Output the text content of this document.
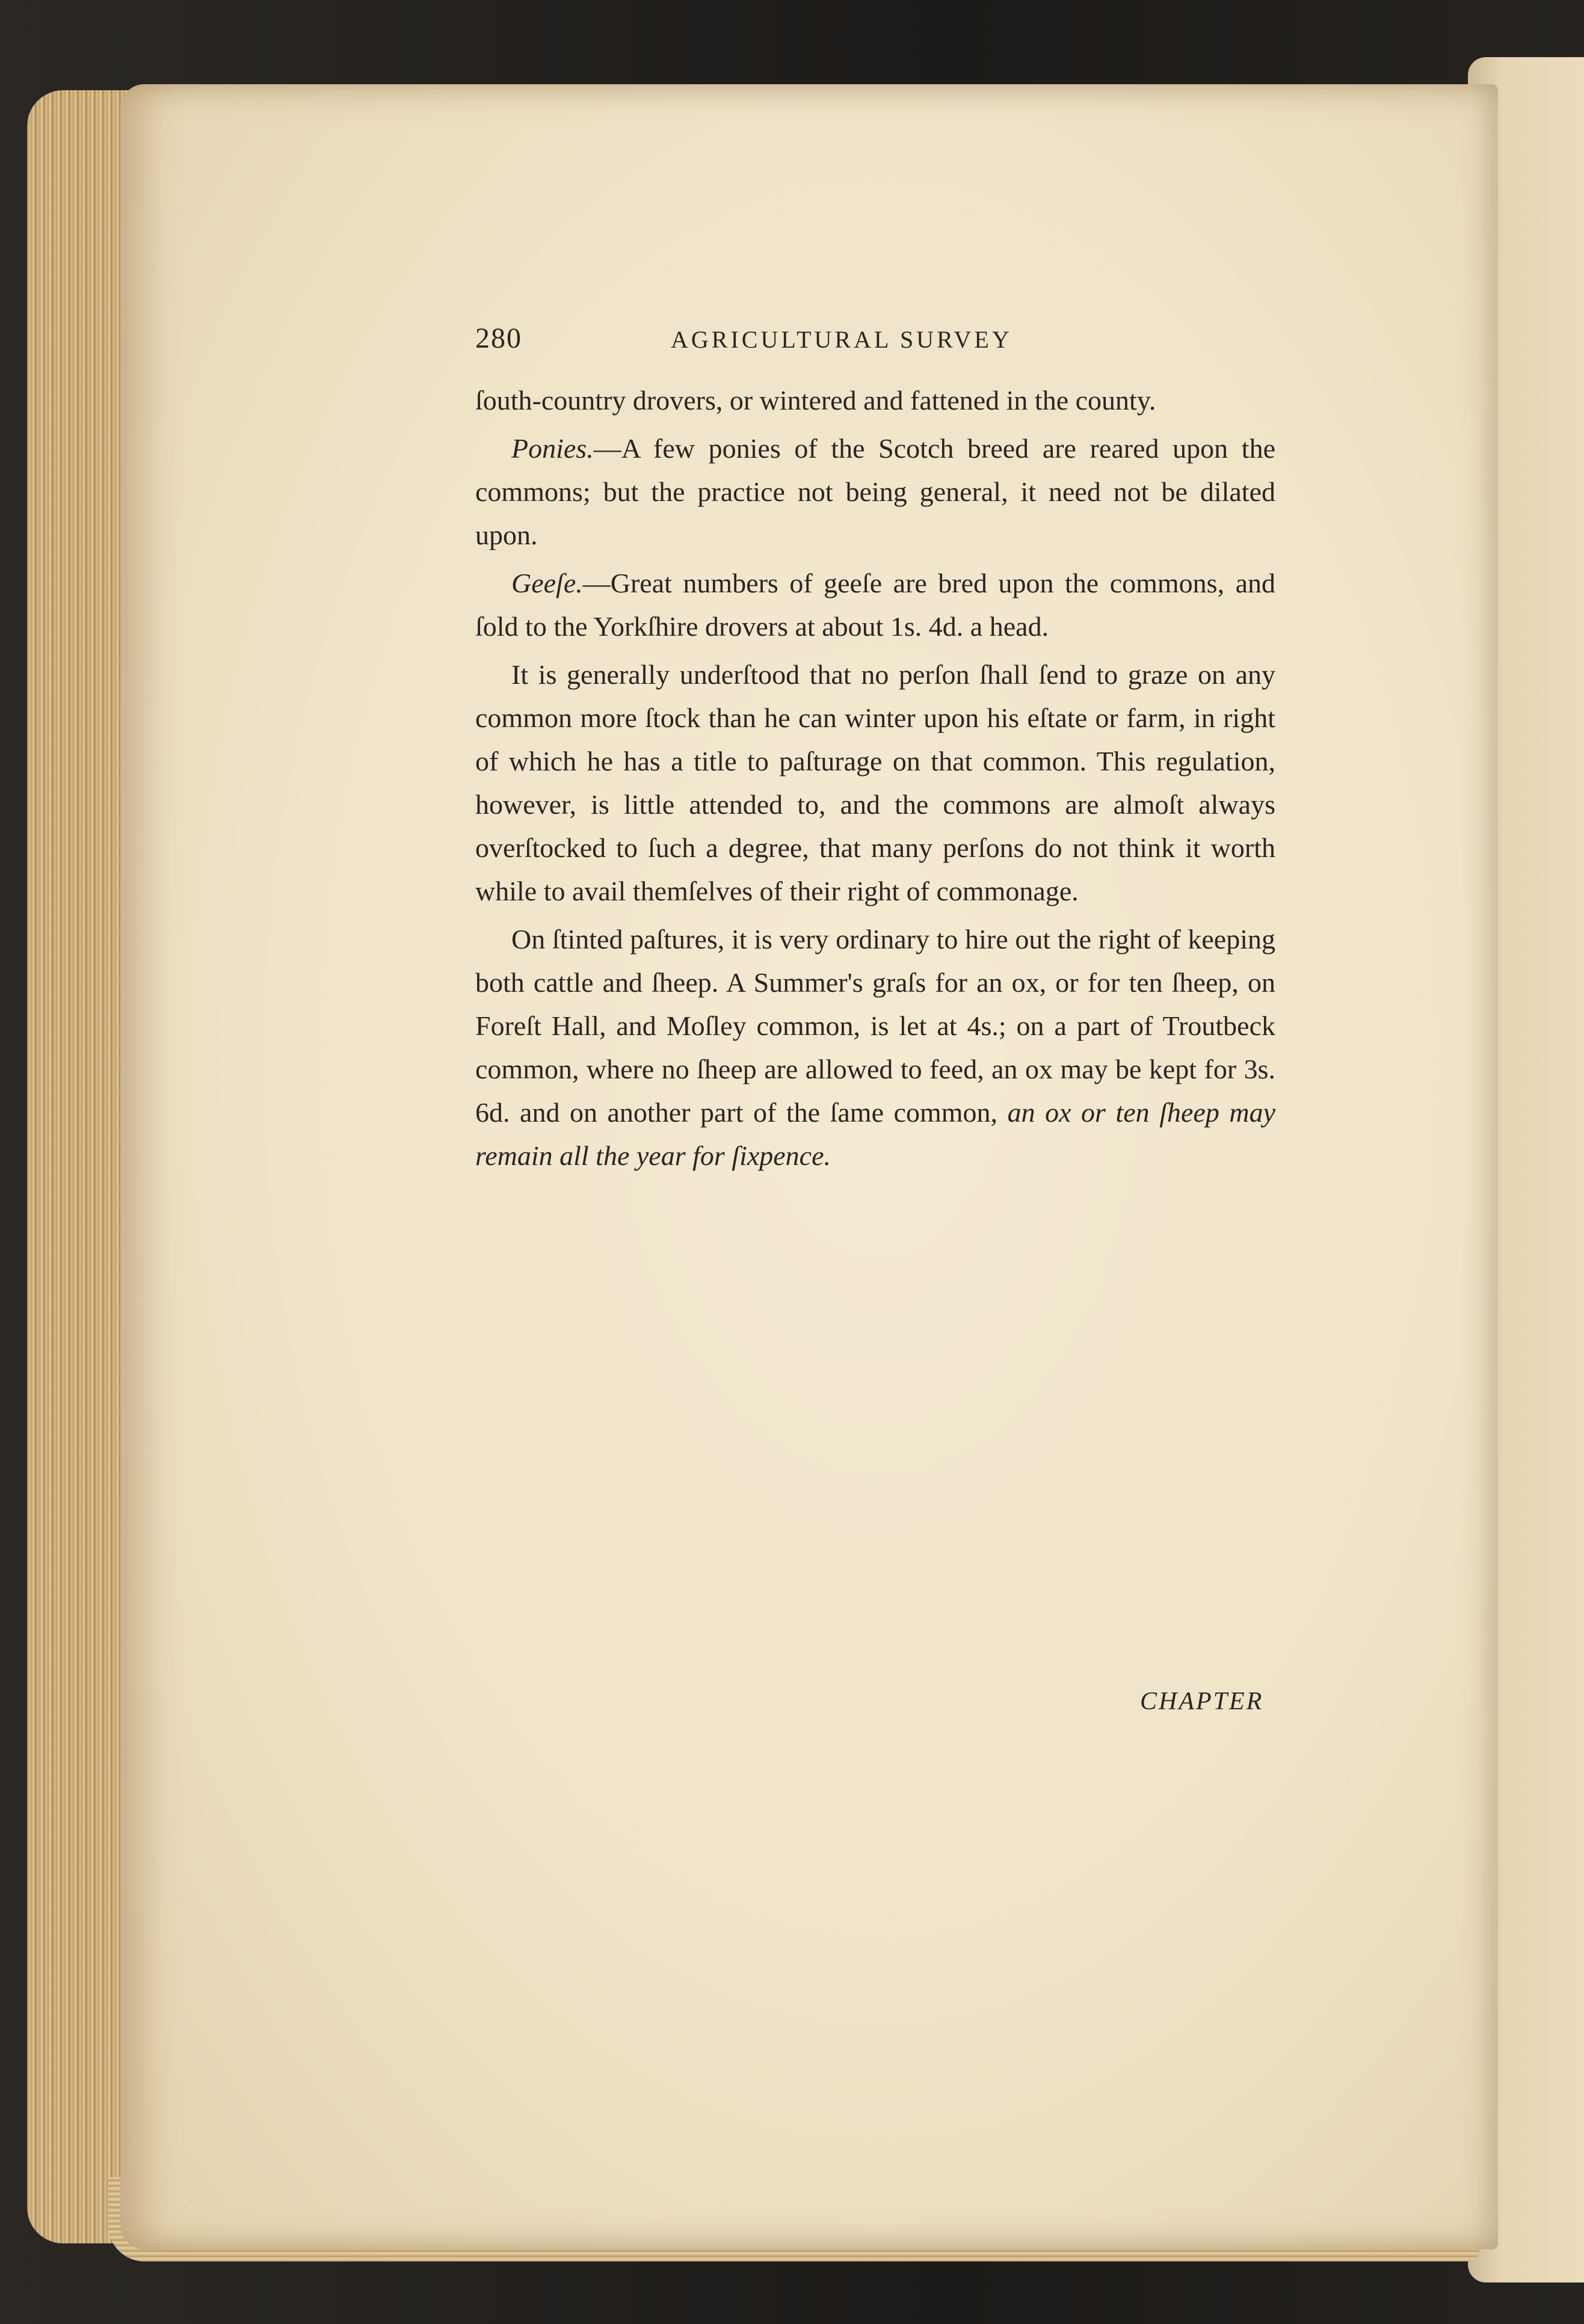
280	AGRICULTURAL SURVEY

ſouth-country drovers, or wintered and fattened in the county.

Ponies.—A few ponies of the Scotch breed are reared upon the commons; but the practice not being general, it need not be dilated upon.

Geeſe.—Great numbers of geeſe are bred upon the commons, and ſold to the Yorkſhire drovers at about 1s. 4d. a head.

It is generally underſtood that no perſon ſhall ſend to graze on any common more ſtock than he can winter upon his eſtate or farm, in right of which he has a title to paſturage on that common. This regulation, however, is little attended to, and the commons are almoſt always overſtocked to ſuch a degree, that many perſons do not think it worth while to avail themſelves of their right of commonage.

On ſtinted paſtures, it is very ordinary to hire out the right of keeping both cattle and ſheep. A Summer's graſs for an ox, or for ten ſheep, on Foreſt Hall, and Moſley common, is let at 4s.; on a part of Troutbeck common, where no ſheep are allowed to feed, an ox may be kept for 3s. 6d. and on another part of the ſame common, an ox or ten ſheep may remain all the year for ſixpence.

CHAPTER
